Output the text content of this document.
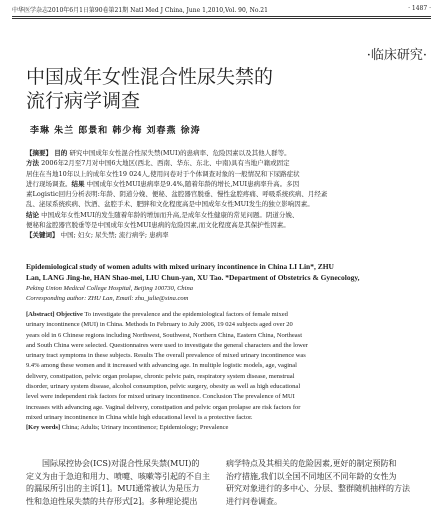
中华医学杂志2010年6月1日第90卷第21期 Natl Med J China, June 1,2010,Vol. 90, No.21	· 1487 ·
·临床研究·
中国成年女性混合性尿失禁的
流行病学调查
李琳 朱兰 郎景和 韩少梅 刘春燕 徐涛
【摘要】 目的 研究中国成年女性混合性尿失禁(MUI)的患病率、危险因素以及其他人群等。
方法 2006年2月至7月对中国6大地区(西北、西南、华东、东北、中南)具有当地户籍或固定
居住在当地10年以上的成年女性19 024人,使用问卷对于个体调查对象的一般情况和下尿路症状
进行现场调查。结果 中国成年女性MUI患病率是9.4%,随着年龄的增长,MUI患病率升高。多因
素Logistic回归分析表明:年龄、阴道分娩、便秘、盆腔器官脱垂、慢性盆腔疼痛、呼吸系统疾病、月经紊
乱、泌尿系统疾病、饮酒、盆腔手术、肥胖和文化程度高是中国成年女性MUI发生的独立影响因素。
结论 中国成年女性MUI的发生随着年龄的增加而升高,是成年女性健康的常见问题。阴道分娩、
便秘和盆腔器官脱垂等是中国成年女性MUI患病的危险因素,而文化程度高是其保护性因素。
【关键词】 中国; 妇女; 尿失禁; 流行病学; 患病率
Epidemiological study of women adults with mixed urinary incontinence in China LI Lin*, ZHU
Lan, LANG Jing-he, HAN Shao-mei, LIU Chun-yan, XU Tao. *Department of Obstetrics & Gynecology,
Peking Union Medical College Hospital, Beijing 100730, China
Corresponding author: ZHU Lan, Email: zhu_julie@sina.com
[Abstract] Objective To investigate the prevalence and the epidemiological factors of female mixed
urinary incontinence (MUI) in China. Methods In February to July 2006, 19 024 subjects aged over 20
years old in 6 Chinese regions including Northwest, Southwest, Northern China, Eastern China, Northeast
and South China were selected. Questionnaires were used to investigate the general characters and the lower
urinary tract symptoms in these subjects. Results The overall prevalence of mixed urinary incontinence was
9.4% among these women and it increased with advancing age. In multiple logistic models, age, vaginal
delivery, constipation, pelvic organ prolapse, chronic pelvic pain, respiratory system disease, menstrual
disorder, urinary system disease, alcohol consumption, pelvic surgery, obesity as well as high educational
level were independent risk factors for mixed urinary incontinence. Conclusion The prevalence of MUI
increases with advancing age. Vaginal delivery, constipation and pelvic organ prolapse are risk factors for
mixed urinary incontinence in China while high educational level is a protective factor.
[Key words] China; Adults; Urinary incontinence; Epidemiology; Prevalence
国际尿控协会(ICS)对混合性尿失禁(MUI)的
定义为由于急迫和用力、喷嚏、咳嗽等引起的不自主
的漏尿所引出的主诉[1]。MUI通常被认为是压力
性和急迫性尿失禁的共存形式[2]。多种理论提出
病学特点及其相关的危险因素,更好的制定预防和
治疗措施,我们以全国不同地区不同年龄的女性为
研究对象进行的多中心、分层、整群随机抽样的方法
进行问卷调查。
